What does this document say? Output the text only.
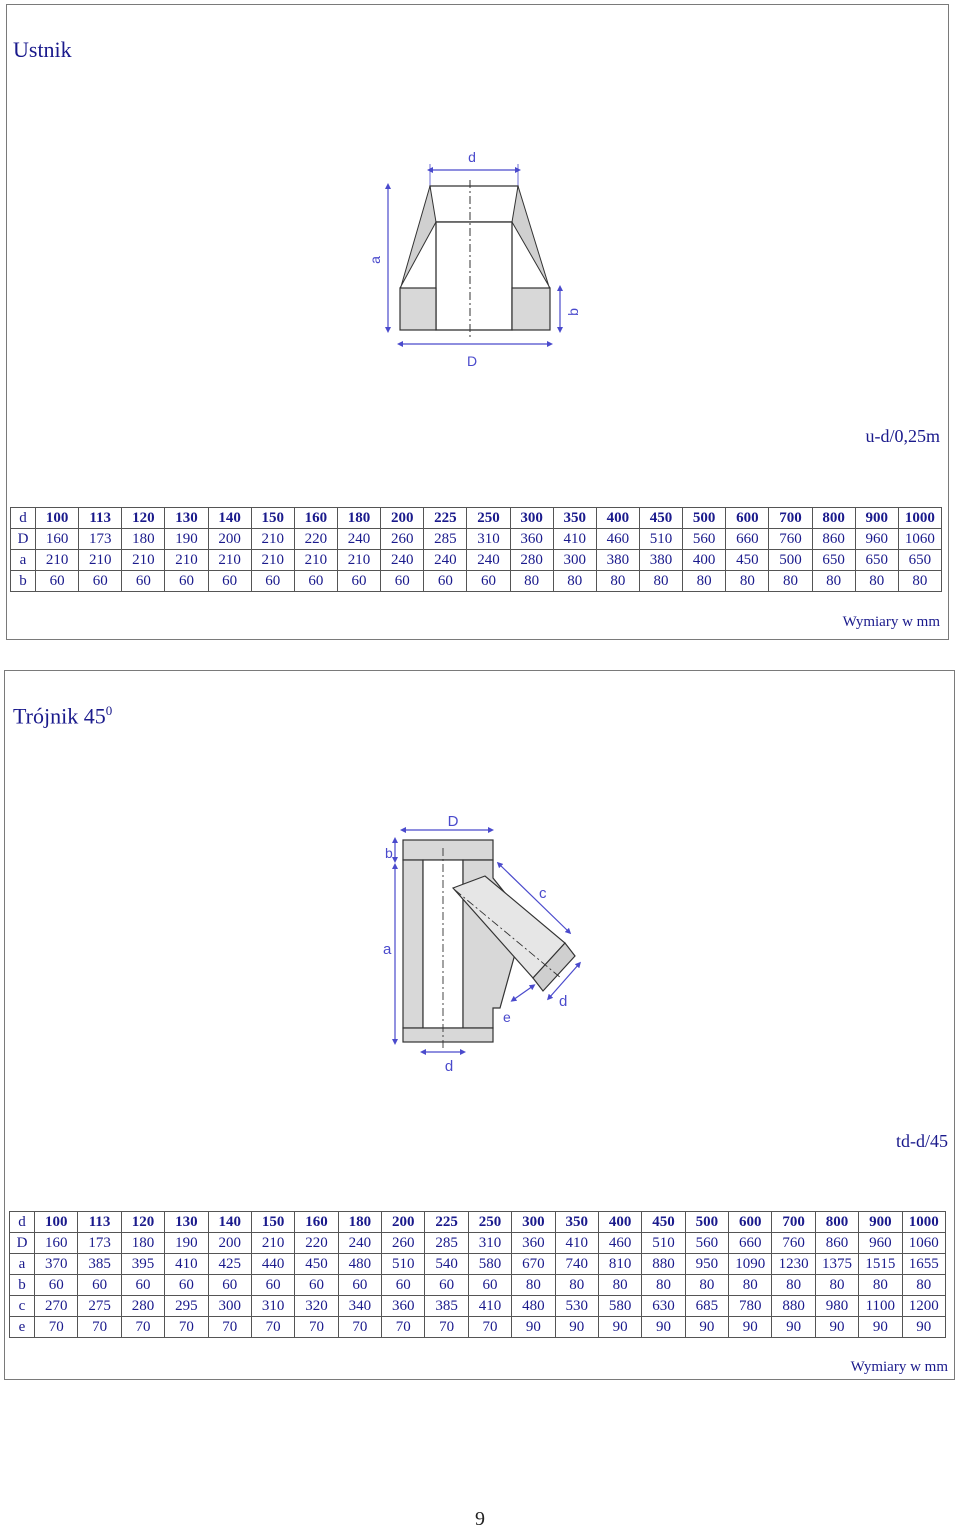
Ustnik
u-d/0,25m
Wymiary w mm
d	100	113	120	130	140	150	160	180	200	225	250	300	350	400	450	500	600	700	800	900	1000
D	160	173	180	190	200	210	220	240	260	285	310	360	410	460	510	560	660	760	860	960	1060
a	210	210	210	210	210	210	210	210	240	240	240	280	300	380	380	400	450	500	650	650	650
b	60	60	60	60	60	60	60	60	60	60	60	80	80	80	80	80	80	80	80	80	80
d
a
b
D
Trójnik $45^0$
td-d/45
Wymiary w mm
d	100	113	120	130	140	150	160	180	200	225	250	300	350	400	450	500	600	700	800	900	1000
D	160	173	180	190	200	210	220	240	260	285	310	360	410	460	510	560	660	760	860	960	1060
a	370	385	395	410	425	440	450	480	510	540	580	670	740	810	880	950	1090	1230	1375	1515	1655
b	60	60	60	60	60	60	60	60	60	60	60	80	80	80	80	80	80	80	80	80	80
c	270	275	280	295	300	310	320	340	360	385	410	480	530	580	630	685	780	880	980	1100	1200
e	70	70	70	70	70	70	70	70	70	70	70	90	90	90	90	90	90	90	90	90	90
D
b
a
c
d
e
d
9
